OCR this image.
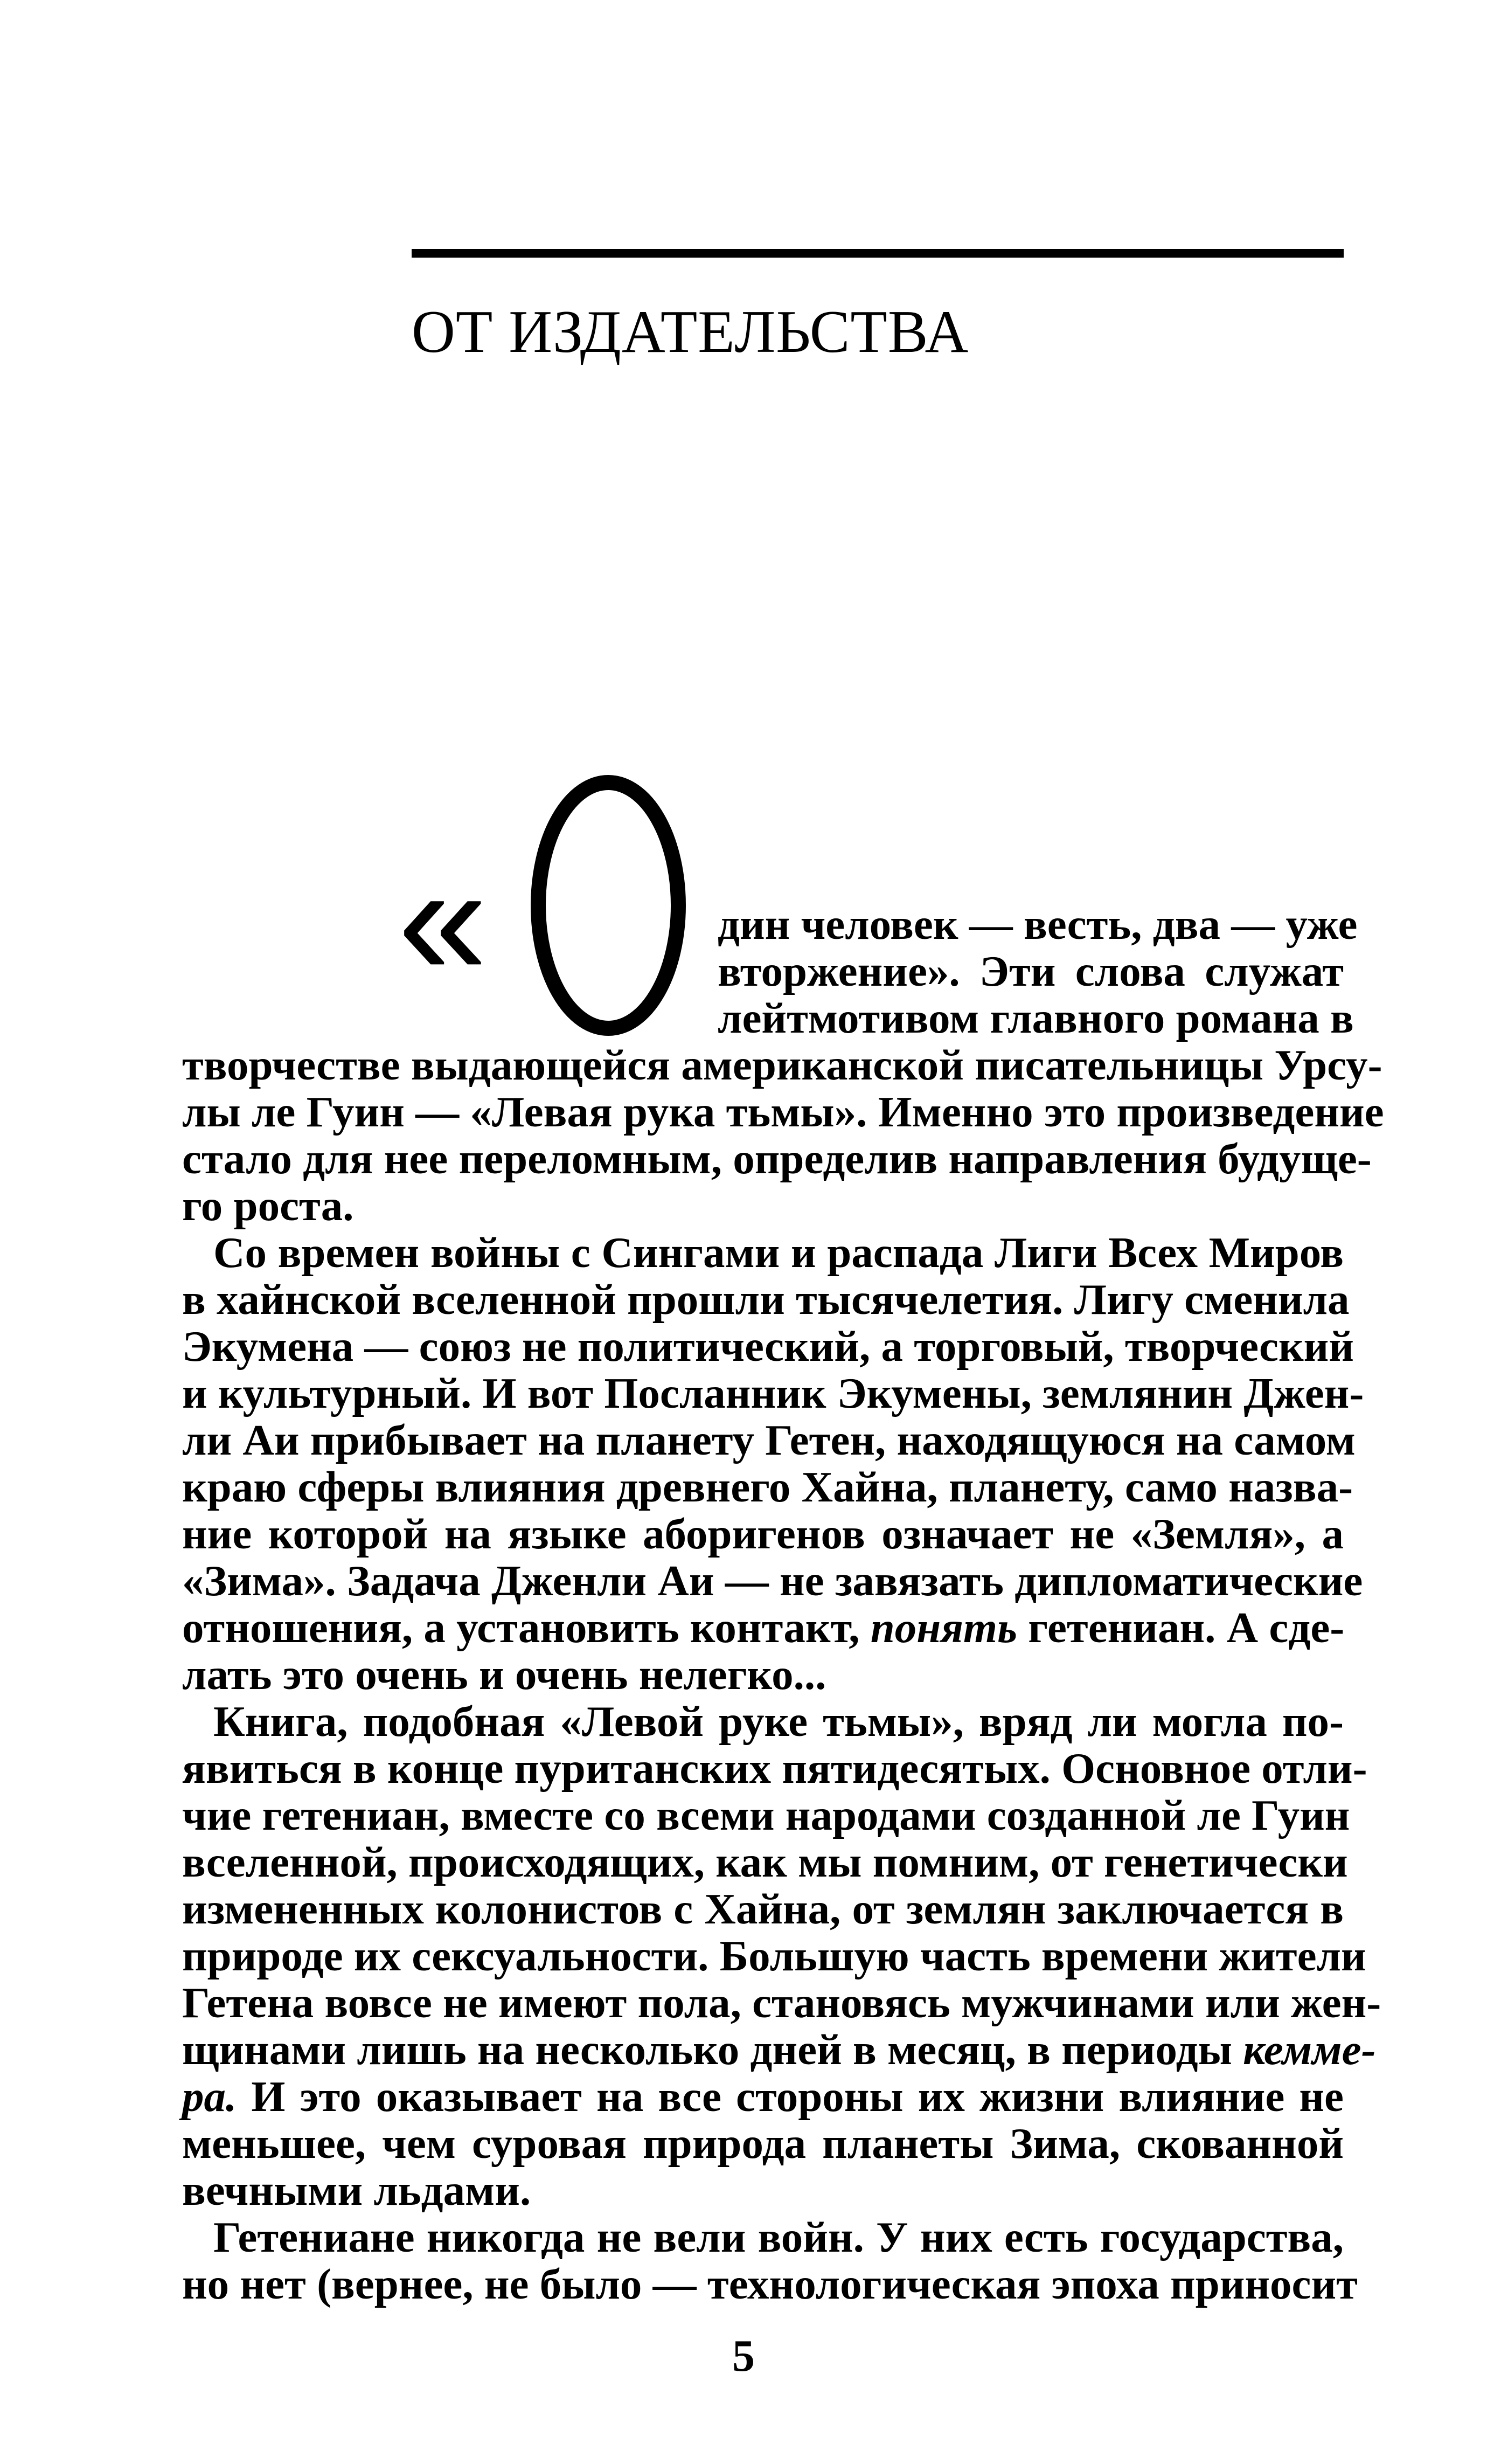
ОТ ИЗДАТЕЛЬСТВА
«	дин человек — весть, два — уже
вторжение». Эти слова служат
лейтмотивом главного романа в
творчестве выдающейся американской писательницы Урсу-
лы ле Гуин — «Левая рука тьмы». Именно это произведение
стало для нее переломным, определив направления будуще-
го роста.
Со времен войны с Сингами и распада Лиги Всех Миров
в хайнской вселенной прошли тысячелетия. Лигу сменила
Экумена — союз не политический, а торговый, творческий
и культурный. И вот Посланник Экумены, землянин Джен-
ли Аи прибывает на планету Гетен, находящуюся на самом
краю сферы влияния древнего Хайна, планету, само назва-
ние которой на языке аборигенов означает не «Земля», а
«Зима». Задача Дженли Аи — не завязать дипломатические
отношения, а установить контакт, понять гетениан. А сде-
лать это очень и очень нелегко...
Книга, подобная «Левой руке тьмы», вряд ли могла по-
явиться в конце пуританских пятидесятых. Основное отли-
чие гетениан, вместе со всеми народами созданной ле Гуин
вселенной, происходящих, как мы помним, от генетически
измененных колонистов с Хайна, от землян заключается в
природе их сексуальности. Большую часть времени жители
Гетена вовсе не имеют пола, становясь мужчинами или жен-
щинами лишь на несколько дней в месяц, в периоды кемме-
ра. И это оказывает на все стороны их жизни влияние не
меньшее, чем суровая природа планеты Зима, скованной
вечными льдами.
Гетениане никогда не вели войн. У них есть государства,
но нет (вернее, не было — технологическая эпоха приносит
5
